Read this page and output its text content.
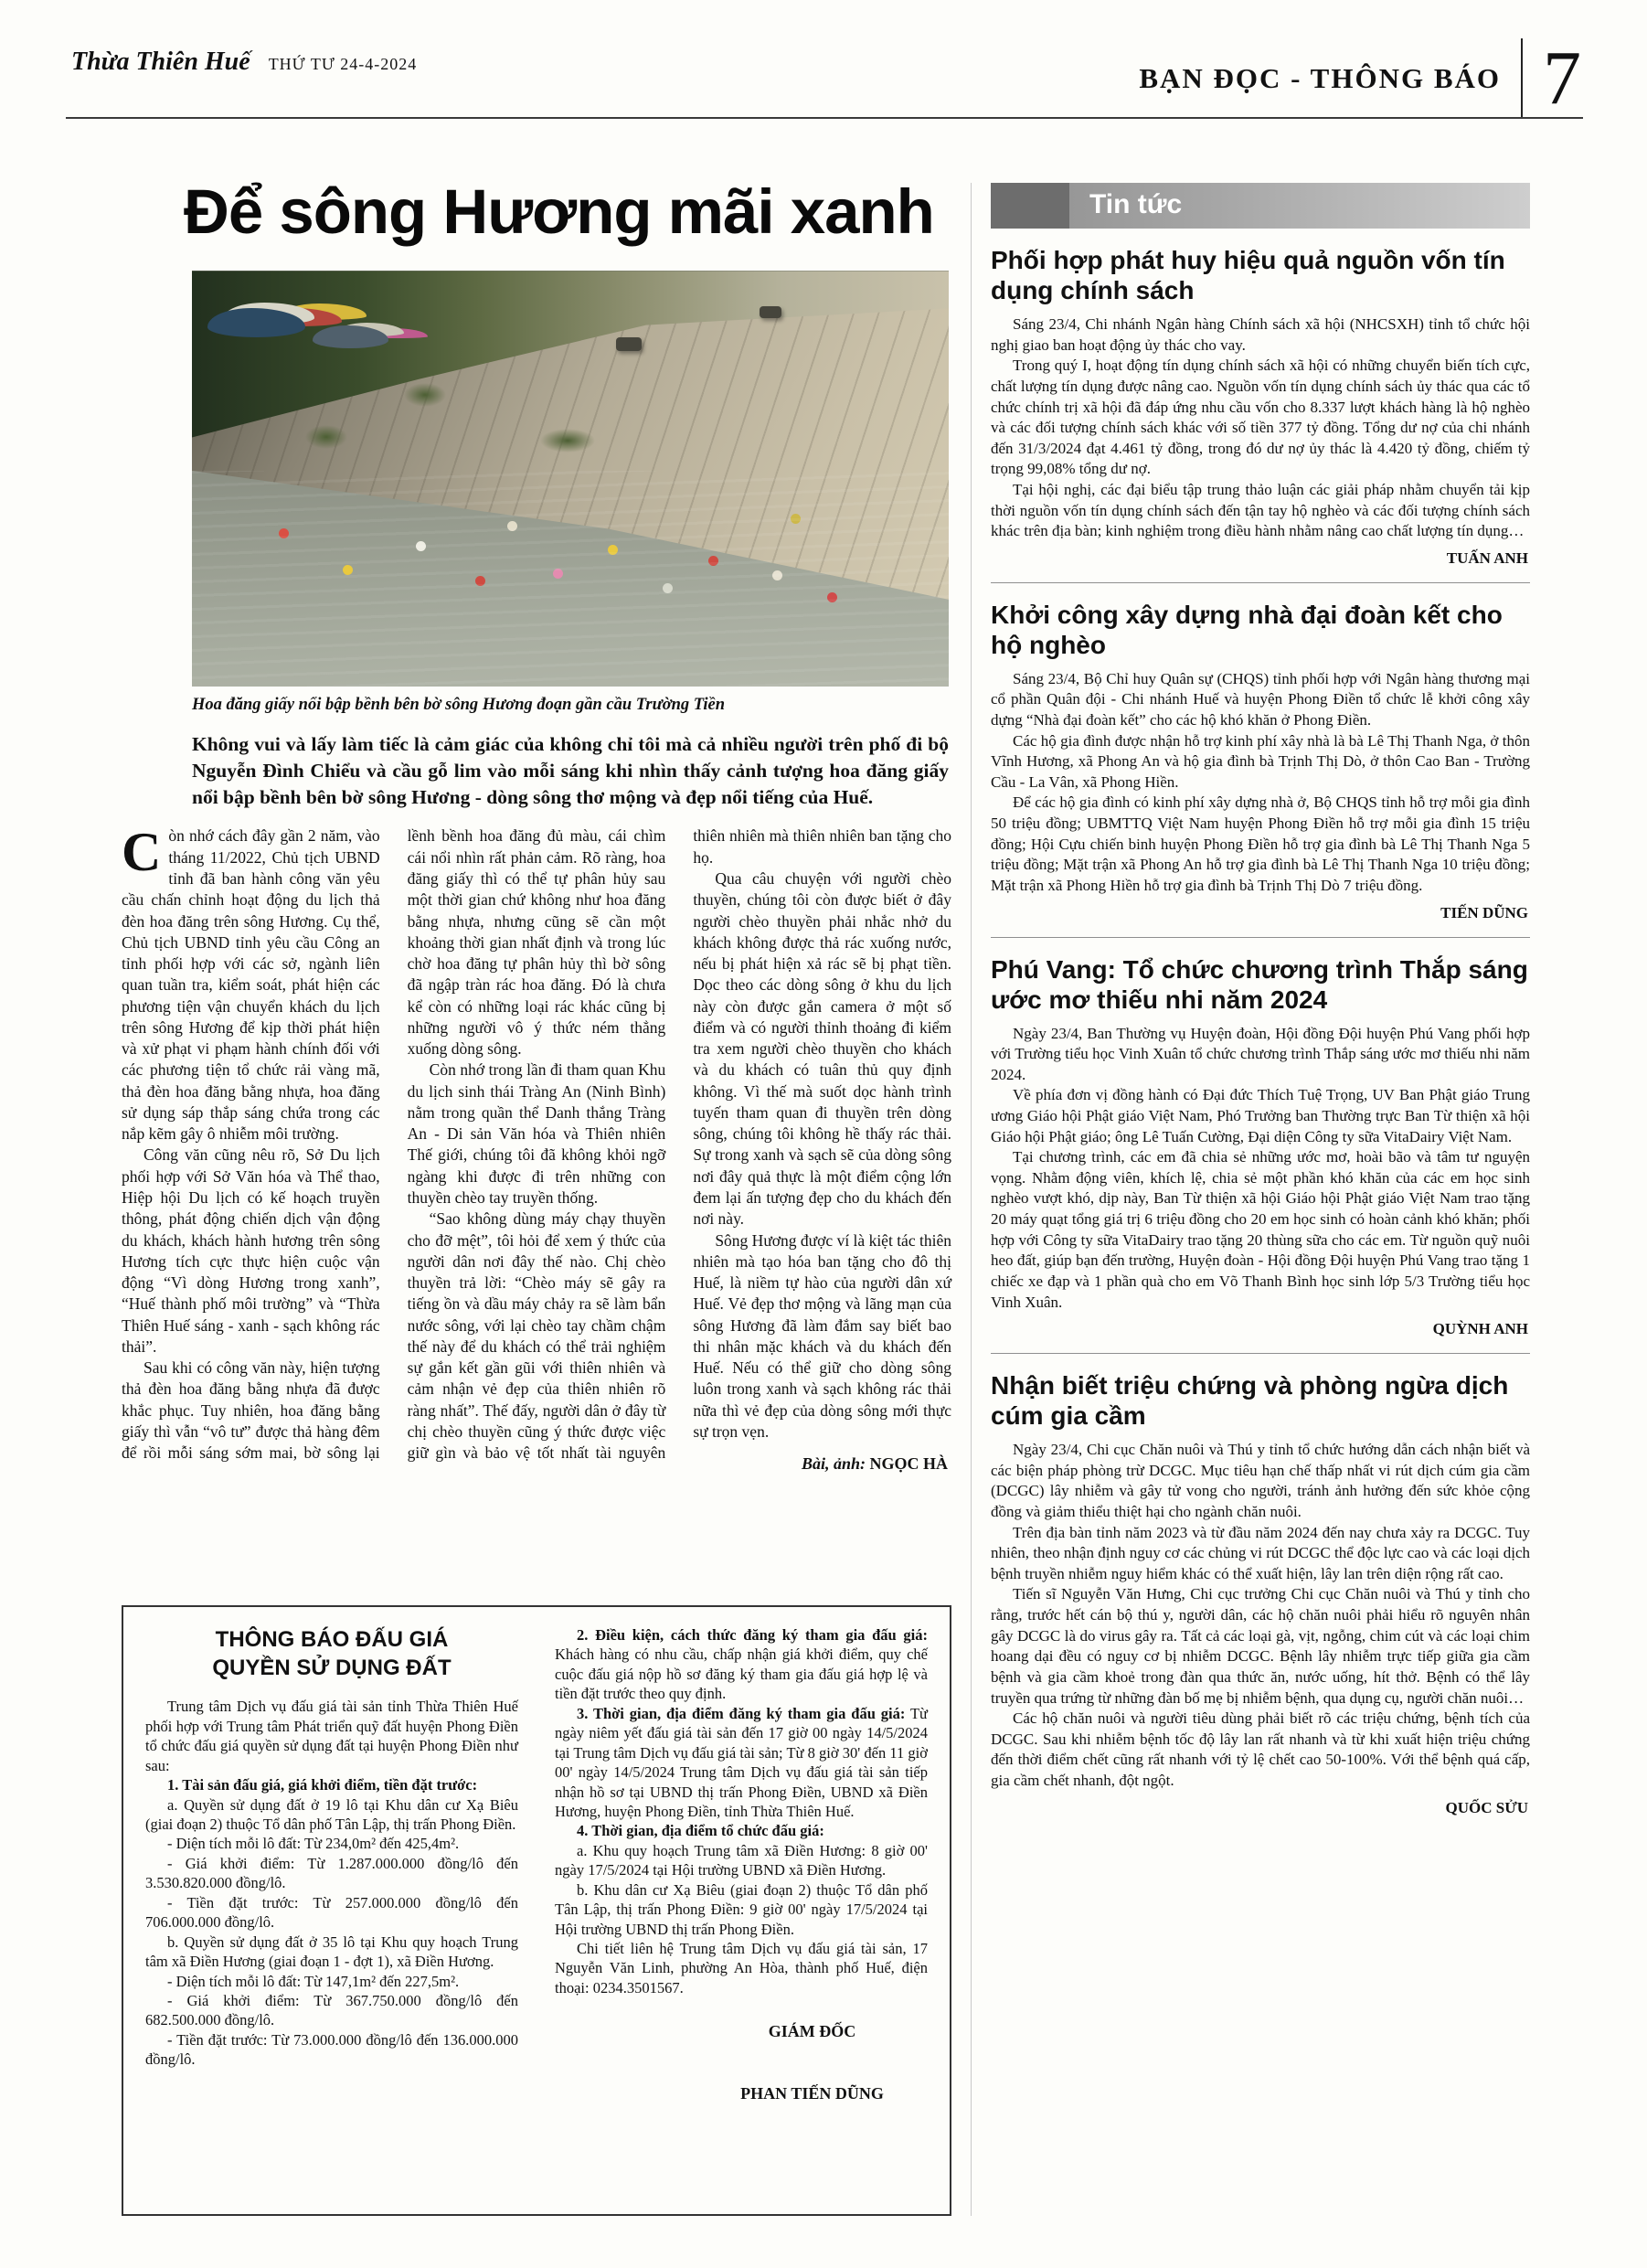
Thừa Thiên Huế THỨ TƯ 24-4-2024	BẠN ĐỌC - THÔNG BÁO 7
Để sông Hương mãi xanh
Hoa đăng giấy nổi bập bềnh bên bờ sông Hương đoạn gần cầu Trường Tiền
Không vui và lấy làm tiếc là cảm giác của không chỉ tôi mà cả nhiều người trên phố đi bộ Nguyễn Đình Chiểu và cầu gỗ lim vào mỗi sáng khi nhìn thấy cảnh tượng hoa đăng giấy nổi bập bềnh bên bờ sông Hương - dòng sông thơ mộng và đẹp nổi tiếng của Huế.

Còn nhớ cách đây gần 2 năm, vào tháng 11/2022, Chủ tịch UBND tỉnh đã ban hành công văn yêu cầu chấn chỉnh hoạt động du lịch thả đèn hoa đăng trên sông Hương. Cụ thể, Chủ tịch UBND tỉnh yêu cầu Công an tỉnh phối hợp với các sở, ngành liên quan tuần tra, kiểm soát, phát hiện các phương tiện vận chuyển khách du lịch trên sông Hương để kịp thời phát hiện và xử phạt vi phạm hành chính đối với các phương tiện tổ chức rải vàng mã, thả đèn hoa đăng bằng nhựa, hoa đăng sử dụng sáp thắp sáng chứa trong các nắp kẽm gây ô nhiễm môi trường.

Công văn cũng nêu rõ, Sở Du lịch phối hợp với Sở Văn hóa và Thể thao, Hiệp hội Du lịch có kế hoạch truyền thông, phát động chiến dịch vận động du khách, khách hành hương trên sông Hương tích cực thực hiện cuộc vận động “Vì dòng Hương trong xanh”, “Huế thành phố môi trường” và “Thừa Thiên Huế sáng - xanh - sạch không rác thải”.

Sau khi có công văn này, hiện tượng thả đèn hoa đăng bằng nhựa đã được khắc phục. Tuy nhiên, hoa đăng bằng giấy thì vẫn “vô tư” được thả hàng đêm để rồi mỗi sáng sớm mai, bờ sông lại lềnh bềnh hoa đăng đủ màu, cái chìm cái nổi nhìn rất phản cảm. Rõ ràng, hoa đăng giấy thì có thể tự phân hủy sau một thời gian chứ không như hoa đăng bằng nhựa, nhưng cũng sẽ cần một khoảng thời gian nhất định và trong lúc chờ hoa đăng tự phân hủy thì bờ sông đã ngập tràn rác hoa đăng. Đó là chưa kể còn có những loại rác khác cũng bị những người vô ý thức ném thẳng xuống dòng sông.

Còn nhớ trong lần đi tham quan Khu du lịch sinh thái Tràng An (Ninh Bình) nằm trong quần thể Danh thắng Tràng An - Di sản Văn hóa và Thiên nhiên Thế giới, chúng tôi đã không khỏi ngỡ ngàng khi được đi trên những con thuyền chèo tay truyền thống.

“Sao không dùng máy chạy thuyền cho đỡ mệt”, tôi hỏi để xem ý thức của người dân nơi đây thế nào. Chị chèo thuyền trả lời: “Chèo máy sẽ gây ra tiếng ồn và dầu máy chảy ra sẽ làm bẩn nước sông, với lại chèo tay chầm chậm thế này để du khách có thể trải nghiệm sự gắn kết gần gũi với thiên nhiên và cảm nhận vẻ đẹp của thiên nhiên rõ ràng nhất”. Thế đấy, người dân ở đây từ chị chèo thuyền cũng ý thức được việc giữ gìn và bảo vệ tốt nhất tài nguyên thiên nhiên mà thiên nhiên ban tặng cho họ.

Qua câu chuyện với người chèo thuyền, chúng tôi còn được biết ở đây người chèo thuyền phải nhắc nhở du khách không được thả rác xuống nước, nếu bị phát hiện xả rác sẽ bị phạt tiền. Dọc theo các dòng sông ở khu du lịch này còn được gắn camera ở một số điểm và có người thỉnh thoảng đi kiểm tra xem người chèo thuyền cho khách và du khách có tuân thủ quy định không. Vì thế mà suốt dọc hành trình tuyến tham quan đi thuyền trên dòng sông, chúng tôi không hề thấy rác thải. Sự trong xanh và sạch sẽ của dòng sông nơi đây quả thực là một điểm cộng lớn đem lại ấn tượng đẹp cho du khách đến nơi này.

Sông Hương được ví là kiệt tác thiên nhiên mà tạo hóa ban tặng cho đô thị Huế, là niềm tự hào của người dân xứ Huế. Vẻ đẹp thơ mộng và lãng mạn của sông Hương đã làm đắm say biết bao thi nhân mặc khách và du khách đến Huế. Nếu có thể giữ cho dòng sông luôn trong xanh và sạch không rác thải nữa thì vẻ đẹp của dòng sông mới thực sự trọn vẹn.

Bài, ảnh: NGỌC HÀ

THÔNG BÁO ĐẤU GIÁ
QUYỀN SỬ DỤNG ĐẤT

Trung tâm Dịch vụ đấu giá tài sản tỉnh Thừa Thiên Huế phối hợp với Trung tâm Phát triển quỹ đất huyện Phong Điền tổ chức đấu giá quyền sử dụng đất tại huyện Phong Điền như sau:

1. Tài sản đấu giá, giá khởi điểm, tiền đặt trước:

a. Quyền sử dụng đất ở 19 lô tại Khu dân cư Xạ Biêu (giai đoạn 2) thuộc Tổ dân phố Tân Lập, thị trấn Phong Điền.

- Diện tích mỗi lô đất: Từ 234,0m² đến 425,4m².

- Giá khởi điểm: Từ 1.287.000.000 đồng/lô đến 3.530.820.000 đồng/lô.

- Tiền đặt trước: Từ 257.000.000 đồng/lô đến 706.000.000 đồng/lô.

b. Quyền sử dụng đất ở 35 lô tại Khu quy hoạch Trung tâm xã Điền Hương (giai đoạn 1 - đợt 1), xã Điền Hương.

- Diện tích mỗi lô đất: Từ 147,1m² đến 227,5m².

- Giá khởi điểm: Từ 367.750.000 đồng/lô đến 682.500.000 đồng/lô.

- Tiền đặt trước: Từ 73.000.000 đồng/lô đến 136.000.000 đồng/lô.

2. Điều kiện, cách thức đăng ký tham gia đấu giá: Khách hàng có nhu cầu, chấp nhận giá khởi điểm, quy chế cuộc đấu giá nộp hồ sơ đăng ký tham gia đấu giá hợp lệ và tiền đặt trước theo quy định.

3. Thời gian, địa điểm đăng ký tham gia đấu giá: Từ ngày niêm yết đấu giá tài sản đến 17 giờ 00 ngày 14/5/2024 tại Trung tâm Dịch vụ đấu giá tài sản; Từ 8 giờ 30' đến 11 giờ 00' ngày 14/5/2024 Trung tâm Dịch vụ đấu giá tài sản tiếp nhận hồ sơ tại UBND thị trấn Phong Điền, UBND xã Điền Hương, huyện Phong Điền, tỉnh Thừa Thiên Huế.

4. Thời gian, địa điểm tổ chức đấu giá:

a. Khu quy hoạch Trung tâm xã Điền Hương: 8 giờ 00' ngày 17/5/2024 tại Hội trường UBND xã Điền Hương.

b. Khu dân cư Xạ Biêu (giai đoạn 2) thuộc Tổ dân phố Tân Lập, thị trấn Phong Điền: 9 giờ 00' ngày 17/5/2024 tại Hội trường UBND thị trấn Phong Điền.

Chi tiết liên hệ Trung tâm Dịch vụ đấu giá tài sản, 17 Nguyễn Văn Linh, phường An Hòa, thành phố Huế, điện thoại: 0234.3501567.

GIÁM ĐỐC
PHAN TIẾN DŨNG
Tin tức
Phối hợp phát huy hiệu quả nguồn vốn tín dụng chính sách

Sáng 23/4, Chi nhánh Ngân hàng Chính sách xã hội (NHCSXH) tỉnh tổ chức hội nghị giao ban hoạt động ủy thác cho vay.

Trong quý I, hoạt động tín dụng chính sách xã hội có những chuyển biến tích cực, chất lượng tín dụng được nâng cao. Nguồn vốn tín dụng chính sách ủy thác qua các tổ chức chính trị xã hội đã đáp ứng nhu cầu vốn cho 8.337 lượt khách hàng là hộ nghèo và các đối tượng chính sách khác với số tiền 377 tỷ đồng. Tổng dư nợ của chi nhánh đến 31/3/2024 đạt 4.461 tỷ đồng, trong đó dư nợ ủy thác là 4.420 tỷ đồng, chiếm tỷ trọng 99,08% tổng dư nợ.

Tại hội nghị, các đại biểu tập trung thảo luận các giải pháp nhằm chuyển tải kịp thời nguồn vốn tín dụng chính sách đến tận tay hộ nghèo và các đối tượng chính sách khác trên địa bàn; kinh nghiệm trong điều hành nhằm nâng cao chất lượng tín dụng…

TUẤN ANH

Khởi công xây dựng nhà đại đoàn kết cho hộ nghèo

Sáng 23/4, Bộ Chỉ huy Quân sự (CHQS) tỉnh phối hợp với Ngân hàng thương mại cổ phần Quân đội - Chi nhánh Huế và huyện Phong Điền tổ chức lễ khởi công xây dựng “Nhà đại đoàn kết” cho các hộ khó khăn ở Phong Điền.

Các hộ gia đình được nhận hỗ trợ kinh phí xây nhà là bà Lê Thị Thanh Nga, ở thôn Vĩnh Hương, xã Phong An và hộ gia đình bà Trịnh Thị Dò, ở thôn Cao Ban - Trường Cầu - La Vân, xã Phong Hiền.

Để các hộ gia đình có kinh phí xây dựng nhà ở, Bộ CHQS tỉnh hỗ trợ mỗi gia đình 50 triệu đồng; UBMTTQ Việt Nam huyện Phong Điền hỗ trợ mỗi gia đình 15 triệu đồng; Hội Cựu chiến binh huyện Phong Điền hỗ trợ gia đình bà Lê Thị Thanh Nga 5 triệu đồng; Mặt trận xã Phong An hỗ trợ gia đình bà Lê Thị Thanh Nga 10 triệu đồng; Mặt trận xã Phong Hiền hỗ trợ gia đình bà Trịnh Thị Dò 7 triệu đồng.

TIẾN DŨNG

Phú Vang: Tổ chức chương trình Thắp sáng ước mơ thiếu nhi năm 2024

Ngày 23/4, Ban Thường vụ Huyện đoàn, Hội đồng Đội huyện Phú Vang phối hợp với Trường tiểu học Vinh Xuân tổ chức chương trình Thắp sáng ước mơ thiếu nhi năm 2024.

Về phía đơn vị đồng hành có Đại đức Thích Tuệ Trọng, UV Ban Phật giáo Trung ương Giáo hội Phật giáo Việt Nam, Phó Trưởng ban Thường trực Ban Từ thiện xã hội Giáo hội Phật giáo; ông Lê Tuấn Cường, Đại diện Công ty sữa VitaDairy Việt Nam.

Tại chương trình, các em đã chia sẻ những ước mơ, hoài bão và tâm tư nguyện vọng. Nhằm động viên, khích lệ, chia sẻ một phần khó khăn của các em học sinh nghèo vượt khó, dịp này, Ban Từ thiện xã hội Giáo hội Phật giáo Việt Nam trao tặng 20 máy quạt tổng giá trị 6 triệu đồng cho 20 em học sinh có hoàn cảnh khó khăn; phối hợp với Công ty sữa VitaDairy trao tặng 20 thùng sữa cho các em. Từ nguồn quỹ nuôi heo đất, giúp bạn đến trường, Huyện đoàn - Hội đồng Đội huyện Phú Vang trao tặng 1 chiếc xe đạp và 1 phần quà cho em Võ Thanh Bình học sinh lớp 5/3 Trường tiểu học Vinh Xuân.

QUỲNH ANH

Nhận biết triệu chứng và phòng ngừa dịch cúm gia cầm

Ngày 23/4, Chi cục Chăn nuôi và Thú y tỉnh tổ chức hướng dẫn cách nhận biết và các biện pháp phòng trừ DCGC. Mục tiêu hạn chế thấp nhất vi rút dịch cúm gia cầm (DCGC) lây nhiễm và gây tử vong cho người, tránh ảnh hưởng đến sức khỏe cộng đồng và giảm thiểu thiệt hại cho ngành chăn nuôi.

Trên địa bàn tỉnh năm 2023 và từ đầu năm 2024 đến nay chưa xảy ra DCGC. Tuy nhiên, theo nhận định nguy cơ các chủng vi rút DCGC thể độc lực cao và các loại dịch bệnh truyền nhiễm nguy hiểm khác có thể xuất hiện, lây lan trên diện rộng rất cao.

Tiến sĩ Nguyễn Văn Hưng, Chi cục trưởng Chi cục Chăn nuôi và Thú y tỉnh cho rằng, trước hết cán bộ thú y, người dân, các hộ chăn nuôi phải hiểu rõ nguyên nhân gây DCGC là do virus gây ra. Tất cả các loại gà, vịt, ngỗng, chim cút và các loại chim hoang dại đều có nguy cơ bị nhiễm DCGC. Bệnh lây nhiễm trực tiếp giữa gia cầm bệnh và gia cầm khoẻ trong đàn qua thức ăn, nước uống, hít thở. Bệnh có thể lây truyền qua trứng từ những đàn bố mẹ bị nhiễm bệnh, qua dụng cụ, người chăn nuôi…

Các hộ chăn nuôi và người tiêu dùng phải biết rõ các triệu chứng, bệnh tích của DCGC. Sau khi nhiễm bệnh tốc độ lây lan rất nhanh và từ khi xuất hiện triệu chứng đến thời điểm chết cũng rất nhanh với tỷ lệ chết cao 50-100%. Với thể bệnh quá cấp, gia cầm chết nhanh, đột ngột.

QUỐC SỬU
